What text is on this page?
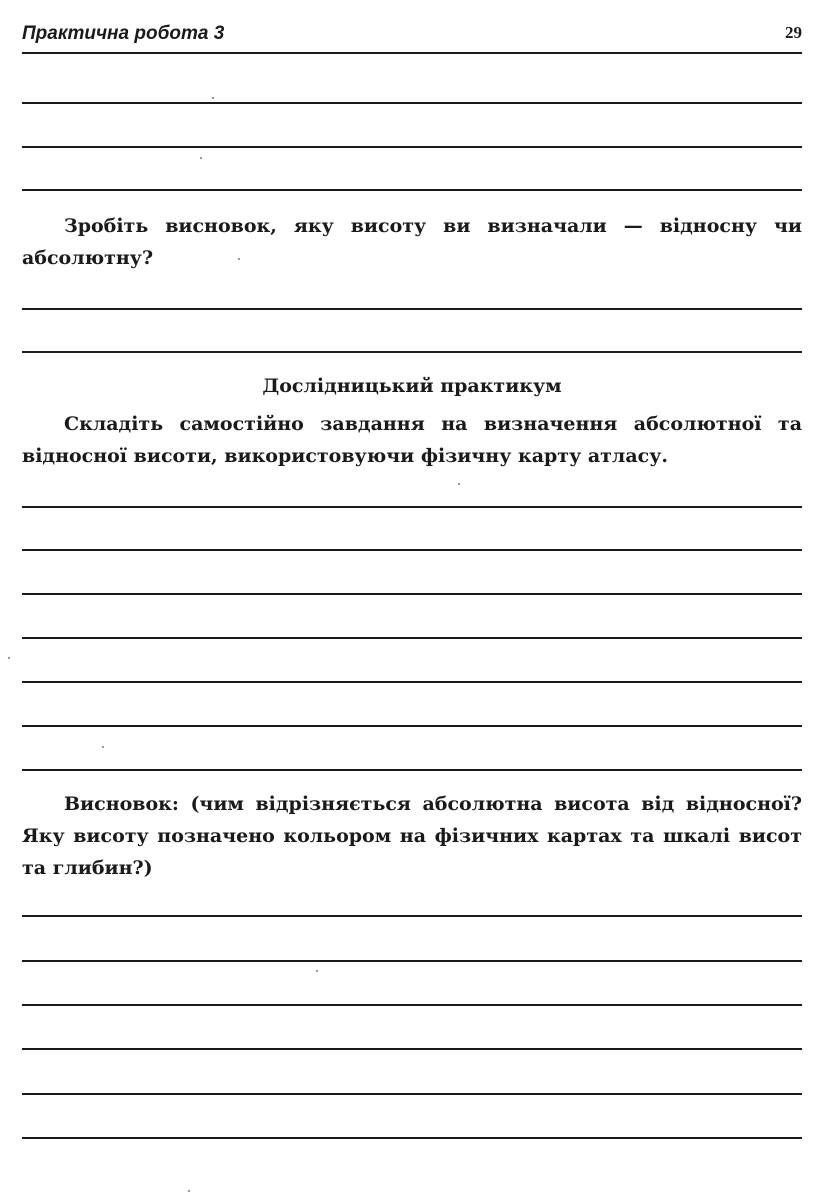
Практична робота 3	29

Зробіть висновок, яку висоту ви визначали — відносну чи абсолютну?

Дослідницький практикум

Складіть самостійно завдання на визначення абсолютної та відносної висоти, використовуючи фізичну карту атласу.

Висновок: (чим відрізняється абсолютна висота від відносної? Яку висоту позначено кольором на фізичних картах та шкалі висот та глибин?)
